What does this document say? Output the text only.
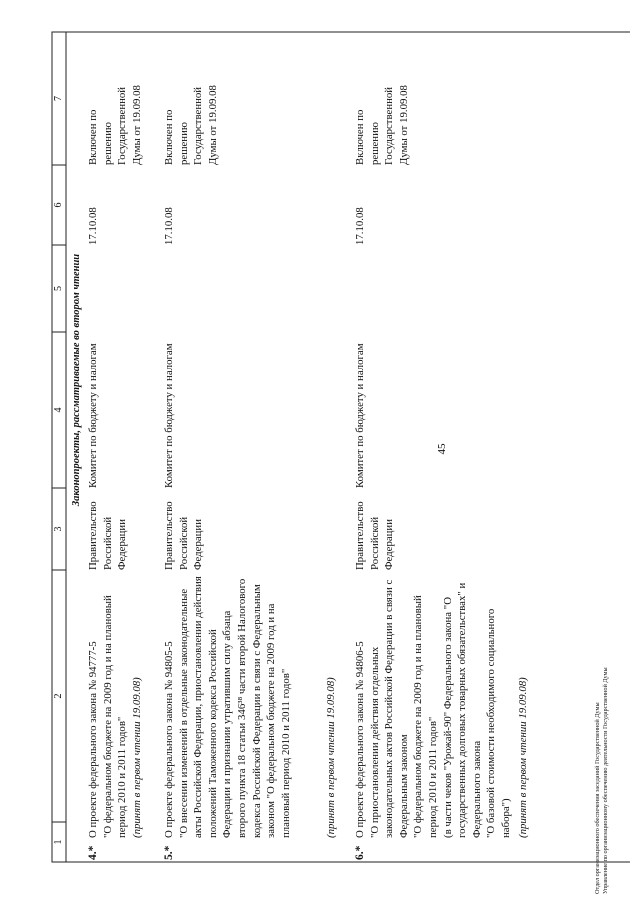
45
1
2
3
4
5
6
7
Законопроекты, рассматриваемые во втором чтении
4.*
О проекте федерального закона № 94777-5
"О федеральном бюджете на 2009 год и на плановый период 2010 и 2011 годов" (принят в первом чтении 19.09.08)
Правительство Российской Федерации
Комитет по бюджету и налогам
17.10.08
Включен по решению Государственной Думы от 19.09.08
5.*
О проекте федерального закона № 94805-5
"О внесении изменений в отдельные законодательные акты Российской Федерации, приостановлении действия положений Таможенного кодекса Российской Федерации и признании утратившим силу абзаца второго пункта 18 статьи 346³⁸ части второй Налогового кодекса Российской Федерации в связи с Федеральным законом "О федеральном бюджете на 2009 год и на плановый период 2010 и 2011 годов"	(принят в первом чтении 19.09.08)
Правительство Российской Федерации
Комитет по бюджету и налогам
17.10.08
Включен по решению Государственной Думы от 19.09.08
6.*
О проекте федерального закона № 94806-5
"О приостановлении действия отдельных законодательных актов Российской Федерации в связи с Федеральным законом
"О федеральном бюджете на 2009 год и на плановый период 2010 и 2011 годов"
(в части чеков "Урожай-90" Федерального закона "О государственных долговых товарных обязательствах" и Федерального закона
"О базовой стоимости необходимого социального набора") (принят в первом чтении 19.09.08)
Правительство Российской Федерации
Комитет по бюджету и налогам
17.10.08
Включен по решению Государственной Думы от 19.09.08
Отдел организационного обеспечения заседаний Государственной Думы Управление по организационному обеспечению деятельности Государственной Думы
